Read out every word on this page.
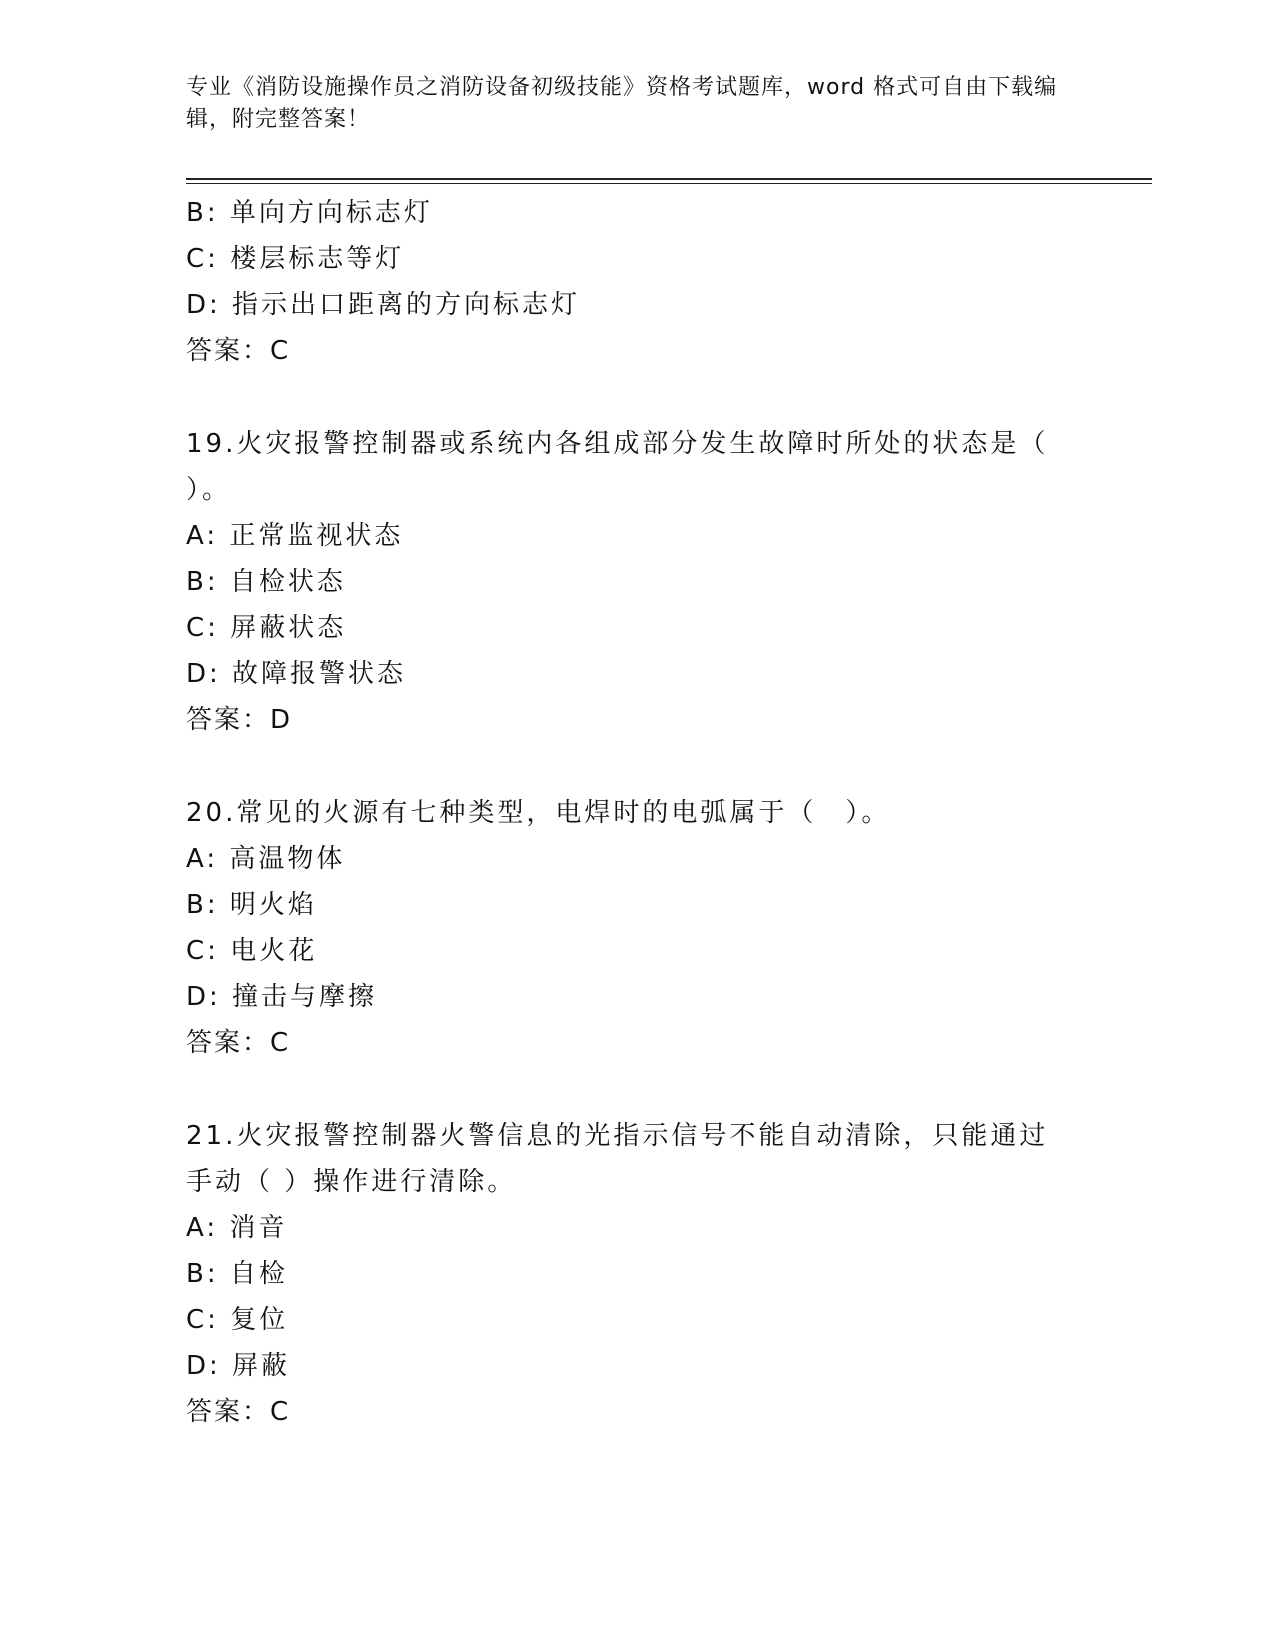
专业《消防设施操作员之消防设备初级技能》资格考试题库，word 格式可自由下载编辑，附完整答案！
B: 单向方向标志灯
C: 楼层标志等灯
D: 指示出口距离的方向标志灯
答案：C
19.火灾报警控制器或系统内各组成部分发生故障时所处的状态是（ ）。
A: 正常监视状态
B: 自检状态
C: 屏蔽状态
D: 故障报警状态
答案：D
20.常见的火源有七种类型，电焊时的电弧属于（　）。
A: 高温物体
B: 明火焰
C: 电火花
D: 撞击与摩擦
答案：C
21.火灾报警控制器火警信息的光指示信号不能自动清除，只能通过手动（ ）操作进行清除。
A: 消音
B: 自检
C: 复位
D: 屏蔽
答案：C
